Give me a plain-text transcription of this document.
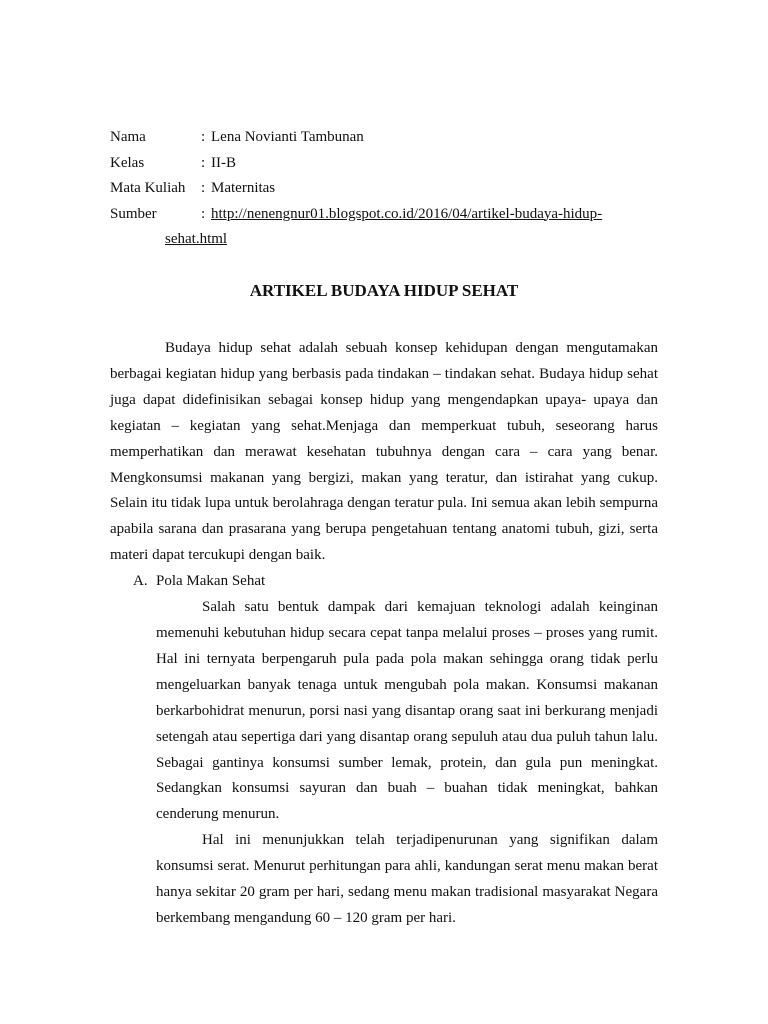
Nama	: Lena Novianti Tambunan
Kelas	: II-B
Mata Kuliah : Maternitas
Sumber	: http://nenengnur01.blogspot.co.id/2016/04/artikel-budaya-hidup-
sehat.html
ARTIKEL BUDAYA HIDUP SEHAT

Budaya hidup sehat adalah sebuah konsep kehidupan dengan mengutamakan berbagai kegiatan hidup yang berbasis pada tindakan – tindakan sehat. Budaya hidup sehat juga dapat didefinisikan sebagai konsep hidup yang mengendapkan upaya- upaya dan kegiatan – kegiatan yang sehat.Menjaga dan memperkuat tubuh, seseorang harus memperhatikan dan merawat kesehatan tubuhnya dengan cara – cara yang benar. Mengkonsumsi makanan yang bergizi, makan yang teratur, dan istirahat yang cukup. Selain itu tidak lupa untuk berolahraga dengan teratur pula. Ini semua akan lebih sempurna apabila sarana dan prasarana yang berupa pengetahuan tentang anatomi tubuh, gizi, serta materi dapat tercukupi dengan baik.

A. Pola Makan Sehat

Salah satu bentuk dampak dari kemajuan teknologi adalah keinginan memenuhi kebutuhan hidup secara cepat tanpa melalui proses – proses yang rumit. Hal ini ternyata berpengaruh pula pada pola makan sehingga orang tidak perlu mengeluarkan banyak tenaga untuk mengubah pola makan. Konsumsi makanan berkarbohidrat menurun, porsi nasi yang disantap orang saat ini berkurang menjadi setengah atau sepertiga dari yang disantap orang sepuluh atau dua puluh tahun lalu. Sebagai gantinya konsumsi sumber lemak, protein, dan gula pun meningkat. Sedangkan konsumsi sayuran dan buah – buahan tidak meningkat, bahkan cenderung menurun.

Hal ini menunjukkan telah terjadipenurunan yang signifikan dalam konsumsi serat. Menurut perhitungan para ahli, kandungan serat menu makan berat hanya sekitar 20 gram per hari, sedang menu makan tradisional masyarakat Negara berkembang mengandung 60 – 120 gram per hari.
